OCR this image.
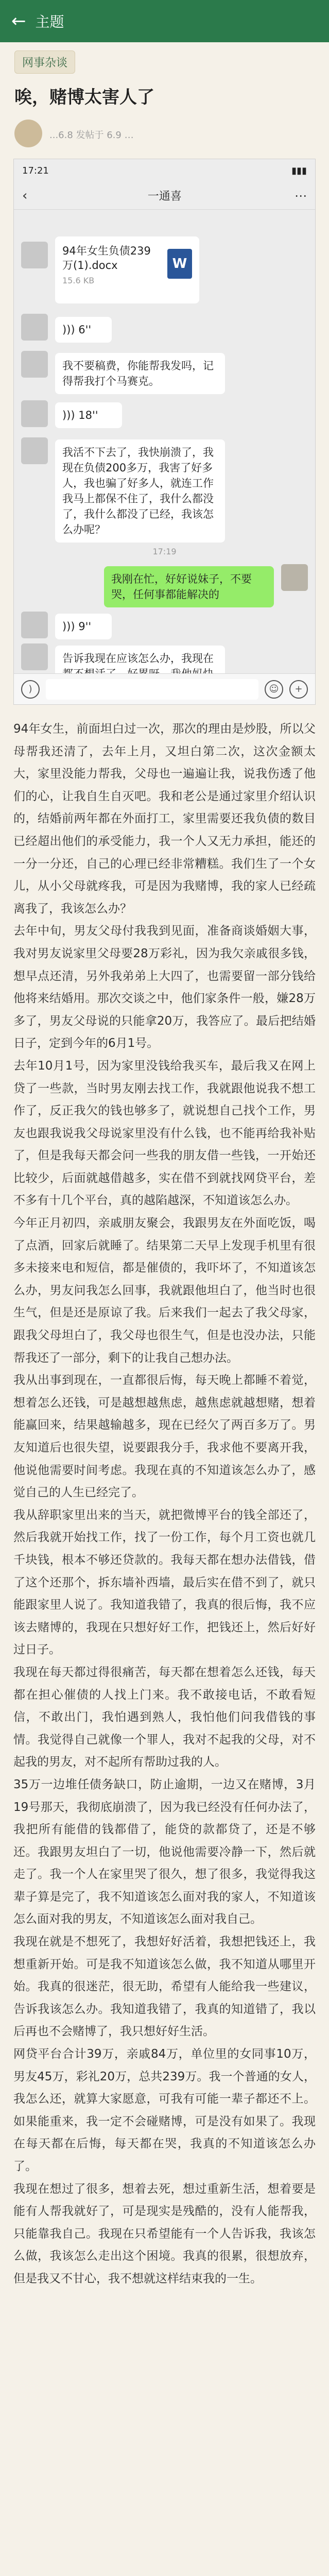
← 主题
网事杂谈
唉，赌博太害人了
...6.8 发帖于 6.9 …
17:21	▮▮▮
‹	一通喜	⋯
94年女生负债239万(1).docx
15.6 KB
W
))) 6''
我不要稿费，你能帮我发吗，记得帮我打个马赛克。
))) 18''
我活不下去了，我快崩溃了，我现在负债200多万，我害了好多人，我也骗了好多人，就连工作我马上都保不住了，我什么都没了，我什么都没了已经，我该怎么办呢？
17:19
我刚在忙，好好说妹子，不要哭，任何事都能解决的
))) 9''
告诉我现在应该怎么办，我现在
)	☺	+

94年女生，前面坦白过一次，那次的理由是炒股，所以父母帮我还清了，去年上月，又坦白第二次，这次金额太大，家里没能力帮我，父母也一遍遍让我，说我伤透了他们的心，让我自生自灭吧。我和老公是通过家里介绍认识的，结婚前两年都在外面打工，家里需要还我负债的数目已经超出他们的承受能力，我一个人又无力承担，能还的一分一分还，自己的心理已经非常糟糕。我们生了一个女儿，从小父母就疼我，可是因为我赌博，我的家人已经疏离我了，我该怎么办？

去年中旬，男友父母付我我到见面，准备商谈婚姻大事，我对男友说家里父母要28万彩礼，因为我欠亲戚很多钱，想早点还清，另外我弟弟上大四了，也需要留一部分钱给他将来结婚用。那次交谈之中，他们家条件一般，嫌28万多了，男友父母说的只能拿20万，我答应了。最后把结婚日子，定到今年的6月1号。

去年10月1号，因为家里没钱给我买车，最后我又在网上贷了一些款，当时男友刚去找工作，我就跟他说我不想工作了，反正我欠的钱也够多了，就说想自己找个工作，男友也跟我说我父母说家里没有什么钱，也不能再给我补贴了，但是我每天都会问一些我的朋友借一些钱，一开始还比较少，后面就越借越多，实在借不到就找网贷平台，差不多有十几个平台，真的越陷越深，不知道该怎么办。

今年正月初四，亲戚朋友聚会，我跟男友在外面吃饭，喝了点酒，回家后就睡了。结果第二天早上发现手机里有很多未接来电和短信，都是催债的，我吓坏了，不知道该怎么办，男友问我怎么回事，我就跟他坦白了，他当时也很生气，但是还是原谅了我。后来我们一起去了我父母家，跟我父母坦白了，我父母也很生气，但是也没办法，只能帮我还了一部分，剩下的让我自己想办法。

我从出事到现在，一直都很后悔，每天晚上都睡不着觉，想着怎么还钱，可是越想越焦虑，越焦虑就越想赌，想着能赢回来，结果越输越多，现在已经欠了两百多万了。男友知道后也很失望，说要跟我分手，我求他不要离开我，他说他需要时间考虑。我现在真的不知道该怎么办了，感觉自己的人生已经完了。

我从辞职家里出来的当天，就把微博平台的钱全部还了，然后我就开始找工作，找了一份工作，每个月工资也就几千块钱，根本不够还贷款的。我每天都在想办法借钱，借了这个还那个，拆东墙补西墙，最后实在借不到了，就只能跟家里人说了。我知道我错了，我真的很后悔，我不应该去赌博的，我现在只想好好工作，把钱还上，然后好好过日子。

我现在每天都过得很痛苦，每天都在想着怎么还钱，每天都在担心催债的人找上门来。我不敢接电话，不敢看短信，不敢出门，我怕遇到熟人，我怕他们问我借钱的事情。我觉得自己就像一个罪人，我对不起我的父母，对不起我的男友，对不起所有帮助过我的人。

35万一边堆任债务缺口，防止逾期，一边又在赌博，3月19号那天，我彻底崩溃了，因为我已经没有任何办法了，我把所有能借的钱都借了，能贷的款都贷了，还是不够还。我跟男友坦白了一切，他说他需要冷静一下，然后就走了。我一个人在家里哭了很久，想了很多，我觉得我这辈子算是完了，我不知道该怎么面对我的家人，不知道该怎么面对我的男友，不知道该怎么面对我自己。

我现在就是不想死了，我想好好活着，我想把钱还上，我想重新开始。可是我不知道该怎么做，我不知道从哪里开始。我真的很迷茫，很无助，希望有人能给我一些建议，告诉我该怎么办。我知道我错了，我真的知道错了，我以后再也不会赌博了，我只想好好生活。

网贷平台合计39万，亲戚84万，单位里的女同事10万，男友45万，彩礼20万，总共239万。我一个普通的女人，我怎么还，就算大家愿意，可我有可能一辈子都还不上。如果能重来，我一定不会碰赌博，可是没有如果了。我现在每天都在后悔，每天都在哭，我真的不知道该怎么办了。

我现在想过了很多，想着去死，想过重新生活，想着要是能有人帮我就好了，可是现实是残酷的，没有人能帮我，只能靠我自己。我现在只希望能有一个人告诉我，我该怎么做，我该怎么走出这个困境。我真的很累，很想放弃，但是我又不甘心，我不想就这样结束我的一生。
